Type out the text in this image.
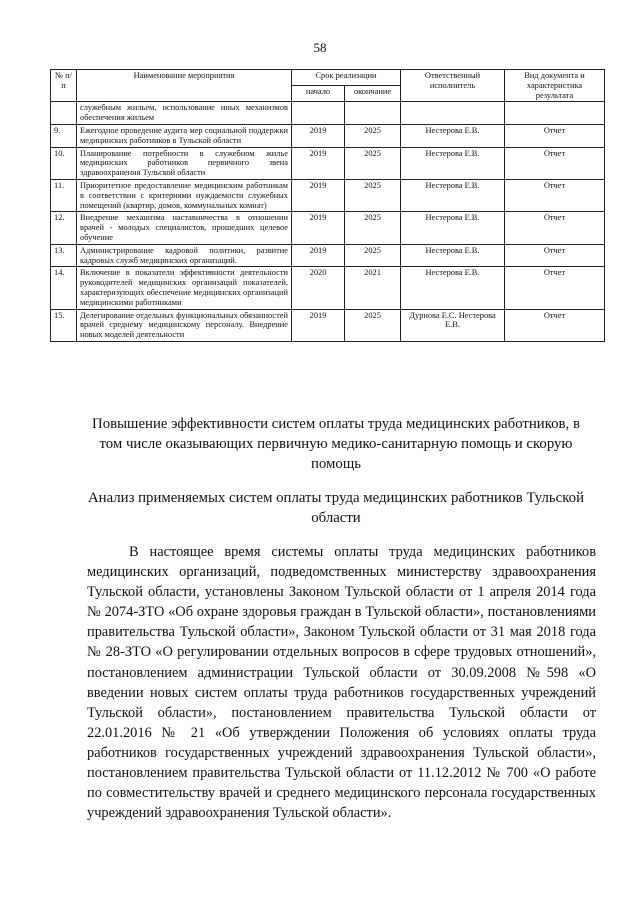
58
№ п/п	Наименование мероприятия	Срок реализации		Ответственный исполнитель	Вид документа и характеристика результата
		начало	окончание		
	служебным жильем, использование иных механизмов обеспечения жильем				
9.	Ежегодное проведение аудита мер социальной поддержки медицинских работников в Тульской области	2019	2025	Нестерова Е.В.	Отчет
10.	Планирование потребности в служебном жилье медицинских работников первичного звена здравоохранения Тульской области	2019	2025	Нестерова Е.В.	Отчет
11.	Приоритетное предоставление медицинским работникам в соответствии с критериями нуждаемости служебных помещений (квартир, домов, коммунальных комнат)	2019	2025	Нестерова Е.В.	Отчет
12.	Внедрение механизма наставничества в отношении врачей - молодых специалистов, прошедших целевое обучение	2019	2025	Нестерова Е.В.	Отчет
13.	Администрирование кадровой политики, развитие кадровых служб медицинских организаций.	2019	2025	Нестерова Е.В.	Отчет
14.	Включение в показатели эффективности деятельности руководителей медицинских организаций показателей, характеризующих обеспечение медицинских организаций медицинскими работниками	2020	2021	Нестерова Е.В.	Отчет
15.	Делегирование отдельных функциональных обязанностей врачей среднему медицинскому персоналу. Внедрение новых моделей деятельности	2019	2025	Дурнова Е.С. Нестерова Е.В.	Отчет
Повышение эффективности систем оплаты труда медицинских работников, в том числе оказывающих первичную медико-санитарную помощь и скорую помощь
Анализ применяемых систем оплаты труда медицинских работников Тульской области
В настоящее время системы оплаты труда медицинских работников медицинских организаций, подведомственных министерству здравоохранения Тульской области, установлены Законом Тульской области от 1 апреля 2014 года № 2074-ЗТО «Об охране здоровья граждан в Тульской области», постановлениями правительства Тульской области», Законом Тульской области от 31 мая 2018 года № 28-ЗТО «О регулировании отдельных вопросов в сфере трудовых отношений», постановлением администрации Тульской области от 30.09.2008 №598 «О введении новых систем оплаты труда работников государственных учреждений Тульской области», постановлением правительства Тульской области от 22.01.2016 № 21 «Об утверждении Положения об условиях оплаты труда работников государственных учреждений здравоохранения Тульской области», постановлением правительства Тульской области от 11.12.2012 № 700 «О работе по совместительству врачей и среднего медицинского персонала государственных учреждений здравоохранения Тульской области».
